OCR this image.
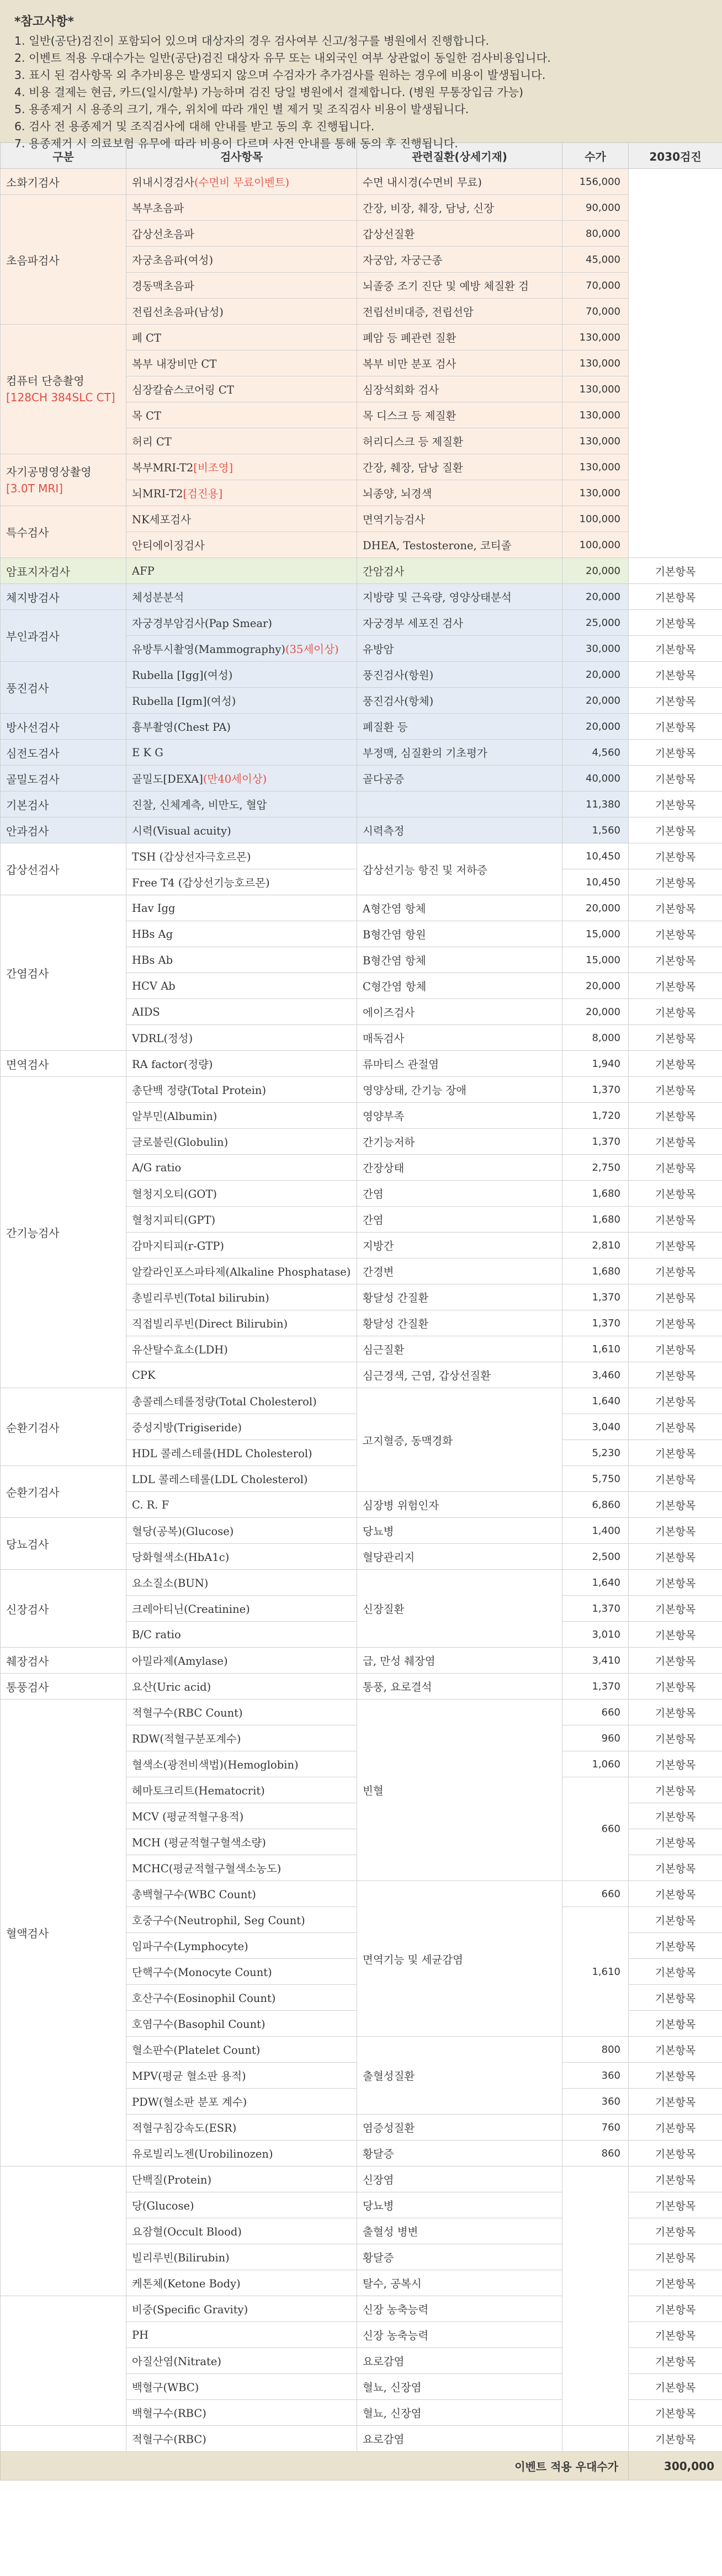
*참고사항*
1. 일반(공단)검진이 포함되어 있으며 대상자의 경우 검사여부 신고/청구를 병원에서 진행합니다.
2. 이벤트 적용 우대수가는 일반(공단)검진 대상자 유무 또는 내외국인 여부 상관없이 동일한 검사비용입니다.
3. 표시 된 검사항목 외 추가비용은 발생되지 않으며 수검자가 추가검사를 원하는 경우에 비용이 발생됩니다.
4. 비용 결제는 현금, 카드(일시/할부) 가능하며 검진 당일 병원에서 결제합니다. (병원 무통장입금 가능)
5. 용종제거 시 용종의 크기, 개수, 위치에 따라 개인 별 제거 및 조직검사 비용이 발생됩니다.
6. 검사 전 용종제거 및 조직검사에 대해 안내를 받고 동의 후 진행됩니다.
7. 용종제거 시 의료보험 유무에 따라 비용이 다르며 사전 안내를 통해 동의 후 진행됩니다.
구분	검사항목	관련질환(상세기재)	수가	2030검진
소화기검사	위내시경검사(수면비 무료이벤트)	수면 내시경(수면비 무료)	156,000	
초음파검사	복부초음파	간장, 비장, 췌장, 담낭, 신장	90,000	
	갑상선초음파	갑상선질환	80,000	
	자궁초음파(여성)	자궁암, 자궁근종	45,000	
	경동맥초음파	뇌졸중 조기 진단 및 예방 체질환 검	70,000	
	전립선초음파(남성)	전립선비대증, 전립선암	70,000	
컴퓨터 단층촬영
[128CH 384SLC CT]	폐 CT	폐암 등 폐관련 질환	130,000	
	복부 내장비만 CT	복부 비만 분포 검사	130,000	
	심장칼슘스코어링 CT	심장석회화 검사	130,000	
	목 CT	목 디스크 등 제질환	130,000	
	허리 CT	허리디스크 등 제질환	130,000	
자기공명영상촬영
[3.0T MRI]	복부MRI-T2[비조영]	간장, 췌장, 담낭 질환	130,000	
	뇌MRI-T2[검진용]	뇌종양, 뇌경색	130,000	
특수검사	NK세포검사	면역기능검사	100,000	
	안티에이징검사	DHEA, Testosterone, 코티졸	100,000	
암표지자검사	AFP	간암검사	20,000	기본항목
체지방검사	체성분분석	지방량 및 근육량, 영양상태분석	20,000	기본항목
부인과검사	자궁경부암검사(Pap Smear)	자궁경부 세포진 검사	25,000	기본항목
	유방투시촬영(Mammography)(35세이상)	유방암	30,000	기본항목
풍진검사	Rubella [Igg](여성)	풍진검사(항원)	20,000	기본항목
	Rubella [Igm](여성)	풍진검사(항체)	20,000	기본항목
방사선검사	흉부촬영(Chest PA)	폐질환 등	20,000	기본항목
심전도검사	E K G	부정맥, 심질환의 기초평가	4,560	기본항목
골밀도검사	골밀도[DEXA](만40세이상)	골다공증	40,000	기본항목
기본검사	진찰, 신체계측, 비만도, 혈압		11,380	기본항목
안과검사	시력(Visual acuity)	시력측정	1,560	기본항목
갑상선검사	TSH (갑상선자극호르몬)	갑상선기능 항진 및 저하증	10,450	기본항목
	Free T4 (갑상선기능호르몬)		10,450	기본항목
간염검사	Hav Igg	A형간염 항체	20,000	기본항목
	HBs Ag	B형간염 항원	15,000	기본항목
	HBs Ab	B형간염 항체	15,000	기본항목
	HCV Ab	C형간염 항체	20,000	기본항목
	AIDS	에이즈검사	20,000	기본항목
	VDRL(정성)	매독검사	8,000	기본항목
면역검사	RA factor(정량)	류마티스 관절염	1,940	기본항목
간기능검사	총단백 정량(Total Protein)	영양상태, 간기능 장애	1,370	기본항목
	알부민(Albumin)	영양부족	1,720	기본항목
	글로불린(Globulin)	간기능저하	1,370	기본항목
	A/G ratio	간장상태	2,750	기본항목
	혈청지오티(GOT)	간염	1,680	기본항목
	혈청지피티(GPT)	간염	1,680	기본항목
	감마지티피(r-GTP)	지방간	2,810	기본항목
	알칼라인포스파타제(Alkaline Phosphatase)	간경변	1,680	기본항목
	총빌리루빈(Total bilirubin)	황달성 간질환	1,370	기본항목
	직접빌리루빈(Direct Bilirubin)	황달성 간질환	1,370	기본항목
	유산탈수효소(LDH)	심근질환	1,610	기본항목
	CPK	심근경색, 근염, 갑상선질환	3,460	기본항목
순환기검사	총콜레스테롤정량(Total Cholesterol)	고지혈증, 동맥경화	1,640	기본항목
	중성지방(Trigiseride)		3,040	기본항목
	HDL 콜레스테롤(HDL Cholesterol)		5,230	기본항목
순환기검사	LDL 콜레스테롤(LDL Cholesterol)		5,750	기본항목
	C. R. F	심장병 위험인자	6,860	기본항목
당뇨검사	혈당(공복)(Glucose)	당뇨병	1,400	기본항목
	당화혈색소(HbA1c)	혈당관리지	2,500	기본항목
신장검사	요소질소(BUN)	신장질환	1,640	기본항목
	크레아티닌(Creatinine)		1,370	기본항목
	B/C ratio		3,010	기본항목
췌장검사	아밀라제(Amylase)	급, 만성 췌장염	3,410	기본항목
통풍검사	요산(Uric acid)	통풍, 요로결석	1,370	기본항목
혈액검사	적혈구수(RBC Count)	빈혈	660	기본항목
	RDW(적혈구분포계수)		960	기본항목
	혈색소(광전비색법)(Hemoglobin)		1,060	기본항목
	헤마토크리트(Hematocrit)		660	기본항목
	MCV (평균적혈구용적)			기본항목
	MCH (평균적혈구혈색소량)			기본항목
	MCHC(평균적혈구혈색소농도)			기본항목
	총백혈구수(WBC Count)	면역기능 및 세균감염	660	기본항목
	호중구수(Neutrophil, Seg Count)		1,610	기본항목
	임파구수(Lymphocyte)			기본항목
	단핵구수(Monocyte Count)			기본항목
	호산구수(Eosinophil Count)			기본항목
	호염구수(Basophil Count)			기본항목
	혈소판수(Platelet Count)	출혈성질환	800	기본항목
	MPV(평균 혈소판 용적)		360	기본항목
	PDW(혈소판 분포 계수)		360	기본항목
	적혈구침강속도(ESR)	염증성질환	760	기본항목
	유로빌리노젠(Urobilinozen)	황달증	860	기본항목
	단백질(Protein)	신장염		기본항목
	당(Glucose)	당뇨병		기본항목
	요잠혈(Occult Blood)	출혈성 병변		기본항목
	빌리루빈(Bilirubin)	황달증		기본항목
	케톤체(Ketone Body)	탈수, 공복시		기본항목
	비중(Specific Gravity)	신장 농축능력		기본항목
	PH	신장 농축능력		기본항목
	아질산염(Nitrate)	요로감염		기본항목
	백혈구(WBC)	혈뇨, 신장염		기본항목
	백혈구수(RBC)	혈뇨, 신장염		기본항목
	적혈구수(RBC)	요로감염		기본항목
이벤트 적용 우대수가				300,000
